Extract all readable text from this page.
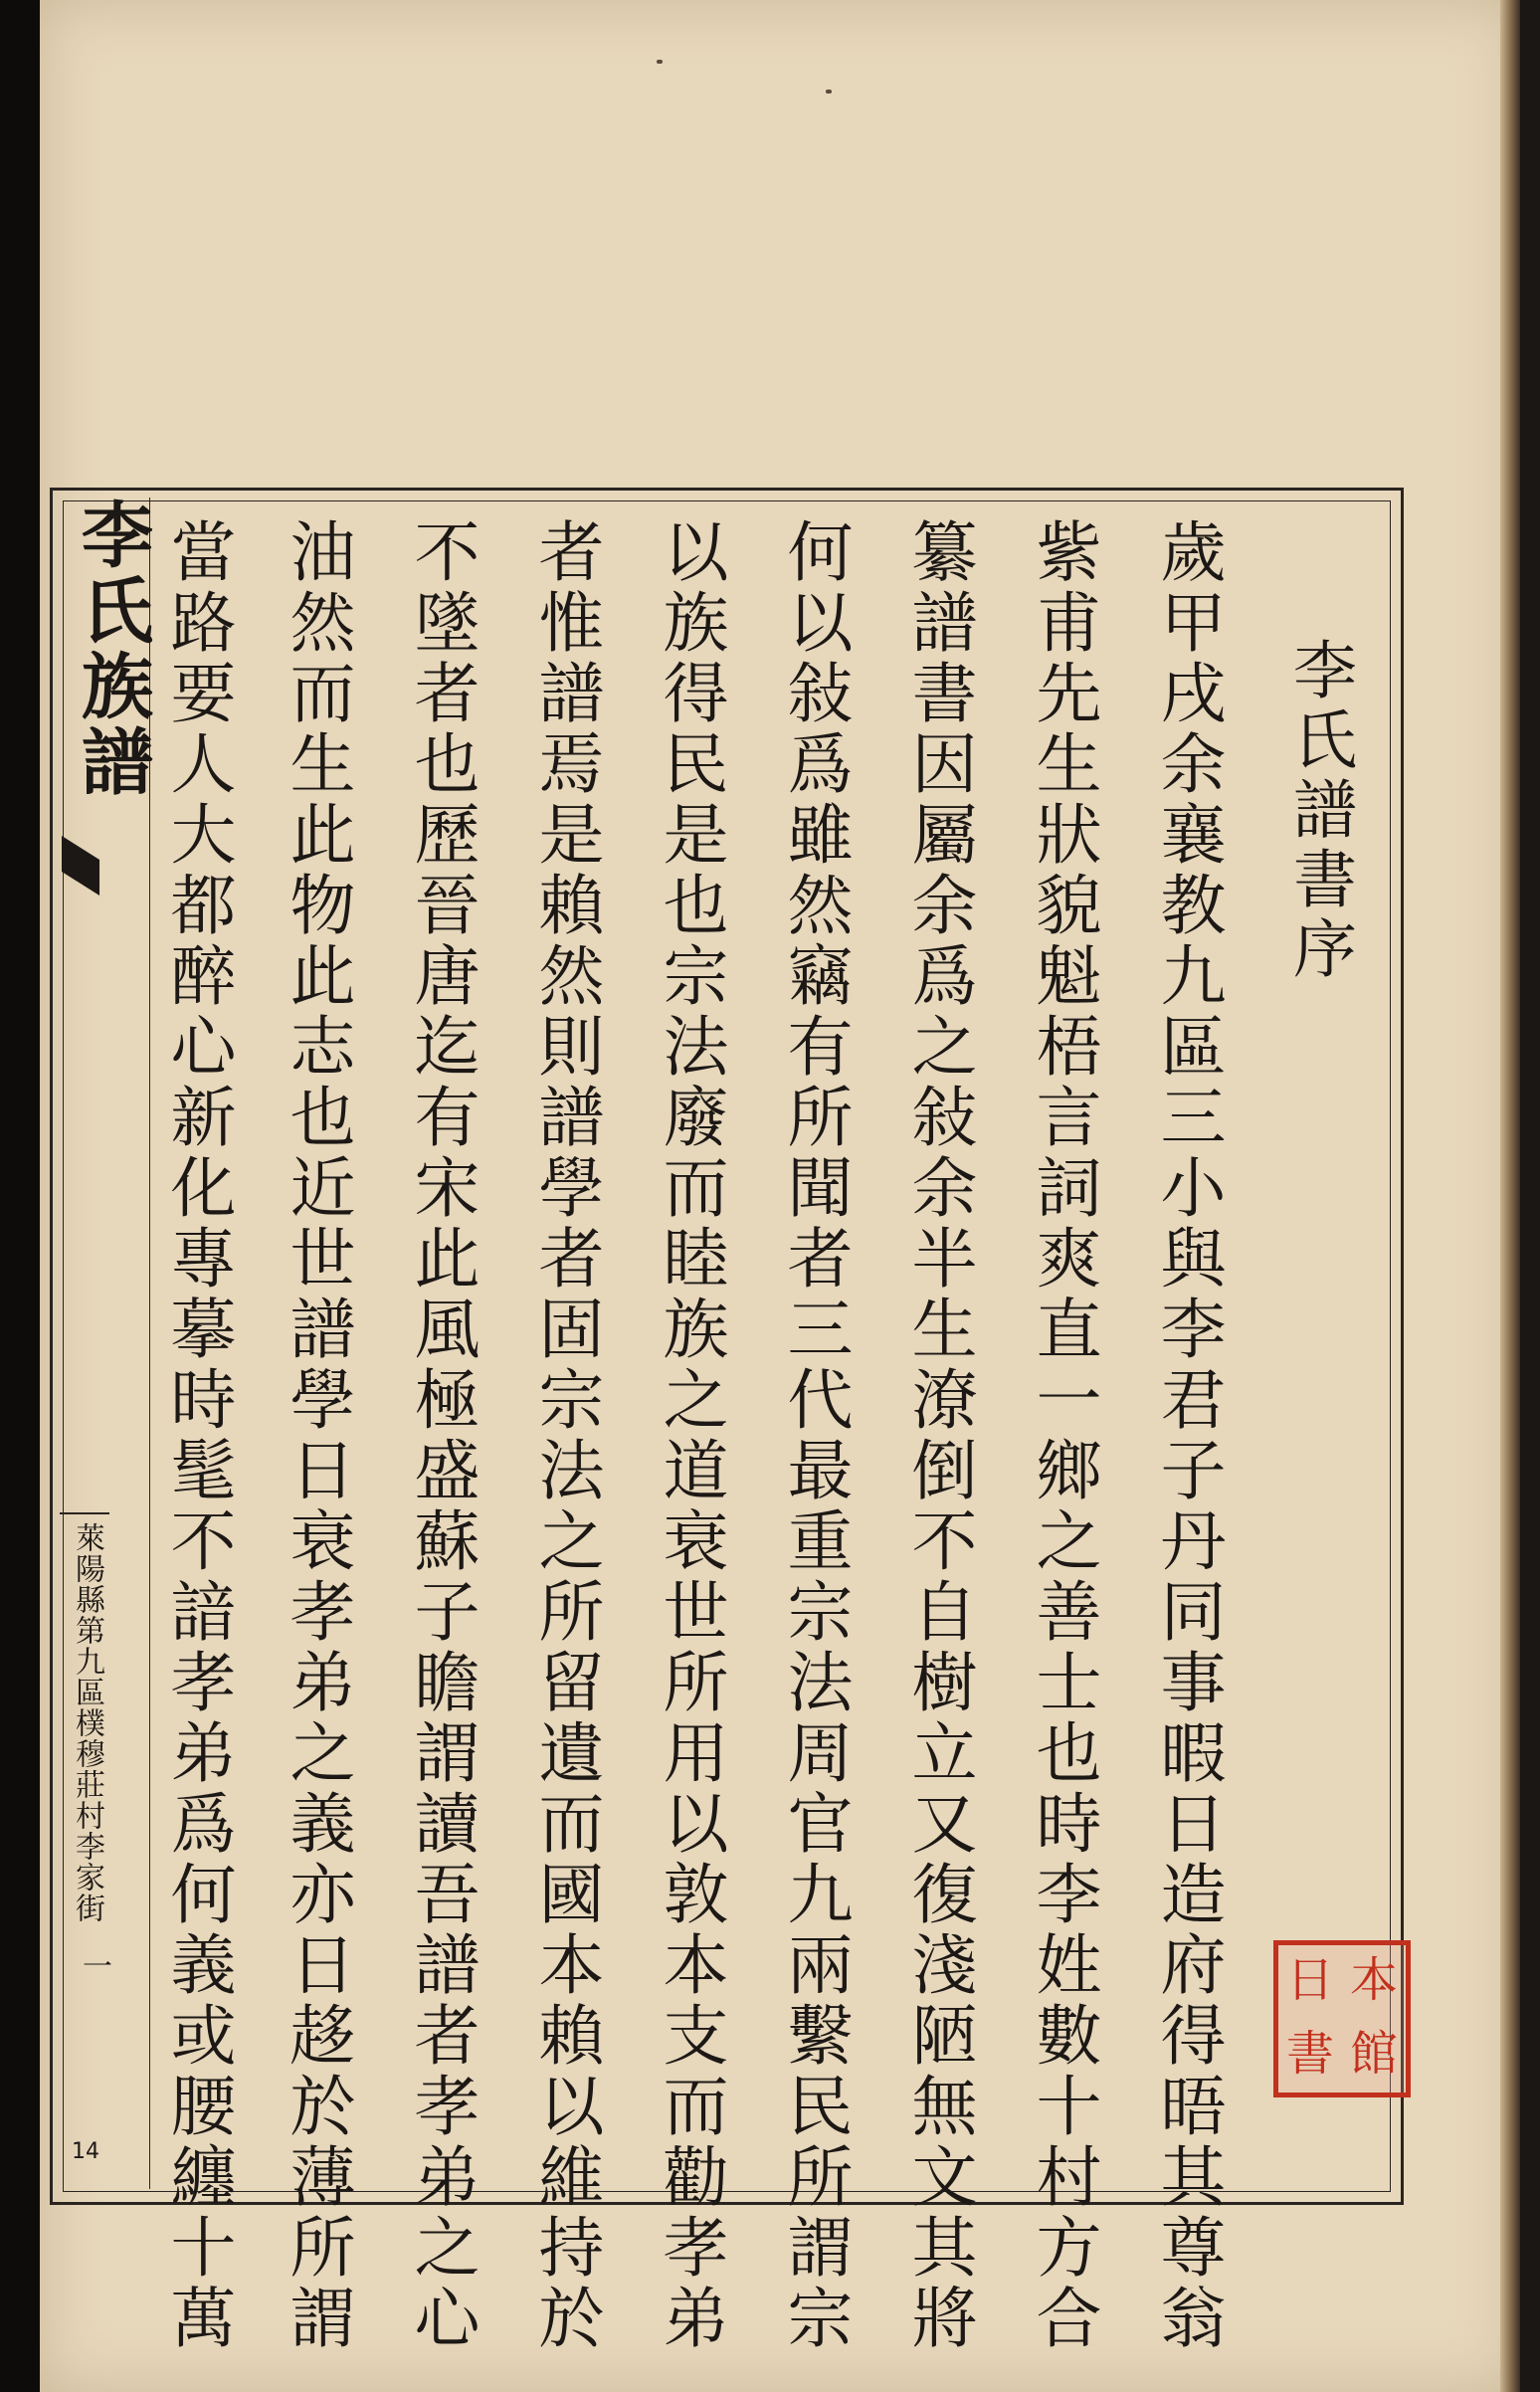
李氏族譜
萊陽縣第九區樸穆莊村李家街
一
14
李氏譜書序
歲甲戌余襄教九區三小與李君子丹同事暇日造府得晤其尊翁
紫甫先生狀貌魁梧言詞爽直一鄉之善士也時李姓數十村方合
纂譜書因屬余爲之敍余半生潦倒不自樹立又復淺陋無文其將
何以敍爲雖然竊有所聞者三代最重宗法周官九兩繫民所謂宗
以族得民是也宗法廢而睦族之道衰世所用以敦本支而勸孝弟
者惟譜焉是賴然則譜學者固宗法之所留遺而國本賴以維持於
不墜者也歷晉唐迄有宋此風極盛蘇子瞻謂讀吾譜者孝弟之心
油然而生此物此志也近世譜學日衰孝弟之義亦日趍於薄所謂
當路要人大都醉心新化專摹時髦不諳孝弟爲何義或腰纏十萬	日 本
書 館
